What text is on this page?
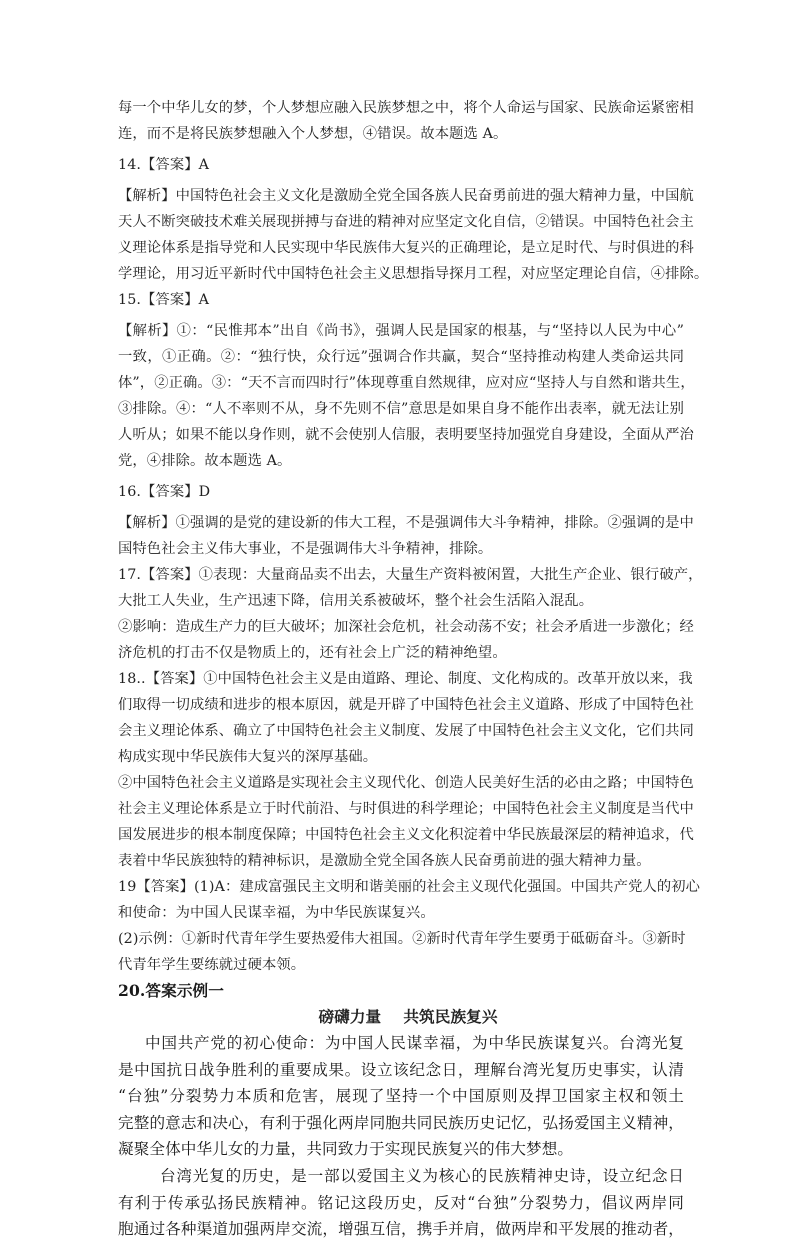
每一个中华儿女的梦，个人梦想应融入民族梦想之中，将个人命运与国家、民族命运紧密相
连，而不是将民族梦想融入个人梦想，④错误。故本题选 A。
14.【答案】A
【解析】中国特色社会主义文化是激励全党全国各族人民奋勇前进的强大精神力量，中国航
天人不断突破技术难关展现拼搏与奋进的精神对应坚定文化自信，②错误。中国特色社会主
义理论体系是指导党和人民实现中华民族伟大复兴的正确理论，是立足时代、与时俱进的科
学理论，用习近平新时代中国特色社会主义思想指导探月工程，对应坚定理论自信，④排除。
15.【答案】A
【解析】①：“民惟邦本”出自《尚书》，强调人民是国家的根基，与“坚持以人民为中心”
一致，①正确。②：“独行快，众行远”强调合作共赢，契合“坚持推动构建人类命运共同
体”，②正确。③：“天不言而四时行”体现尊重自然规律，应对应“坚持人与自然和谐共生，
③排除。④：“人不率则不从，身不先则不信”意思是如果自身不能作出表率，就无法让别
人听从；如果不能以身作则，就不会使别人信服，表明要坚持加强党自身建设，全面从严治
党，④排除。故本题选 A。
16.【答案】D
【解析】①强调的是党的建设新的伟大工程，不是强调伟大斗争精神，排除。②强调的是中
国特色社会主义伟大事业，不是强调伟大斗争精神，排除。
17.【答案】①表现：大量商品卖不出去，大量生产资料被闲置，大批生产企业、银行破产，
大批工人失业，生产迅速下降，信用关系被破坏，整个社会生活陷入混乱。
②影响：造成生产力的巨大破坏；加深社会危机，社会动荡不安；社会矛盾进一步激化；经
济危机的打击不仅是物质上的，还有社会上广泛的精神绝望。
18..【答案】①中国特色社会主义是由道路、理论、制度、文化构成的。改革开放以来，我
们取得一切成绩和进步的根本原因，就是开辟了中国特色社会主义道路、形成了中国特色社
会主义理论体系、确立了中国特色社会主义制度、发展了中国特色社会主义文化，它们共同
构成实现中华民族伟大复兴的深厚基础。
②中国特色社会主义道路是实现社会主义现代化、创造人民美好生活的必由之路；中国特色
社会主义理论体系是立于时代前沿、与时俱进的科学理论；中国特色社会主义制度是当代中
国发展进步的根本制度保障；中国特色社会主义文化积淀着中华民族最深层的精神追求，代
表着中华民族独特的精神标识，是激励全党全国各族人民奋勇前进的强大精神力量。
19【答案】(1)A：建成富强民主文明和谐美丽的社会主义现代化强国。中国共产党人的初心
和使命：为中国人民谋幸福，为中华民族谋复兴。
(2)示例：①新时代青年学生要热爱伟大祖国。②新时代青年学生要勇于砥砺奋斗。③新时
代青年学生要练就过硬本领。
20.答案示例一
磅礴力量    共筑民族复兴
中国共产党的初心使命：为中国人民谋幸福，为中华民族谋复兴。台湾光复
是中国抗日战争胜利的重要成果。设立该纪念日，理解台湾光复历史事实，认清
“台独”分裂势力本质和危害，展现了坚持一个中国原则及捍卫国家主权和领土
完整的意志和决心，有利于强化两岸同胞共同民族历史记忆，弘扬爱国主义精神，
凝聚全体中华儿女的力量，共同致力于实现民族复兴的伟大梦想。
台湾光复的历史，是一部以爱国主义为核心的民族精神史诗，设立纪念日
有利于传承弘扬民族精神。铭记这段历史，反对“台独”分裂势力，倡议两岸同
胞通过各种渠道加强两岸交流，增强互信，携手并肩，做两岸和平发展的推动者，
